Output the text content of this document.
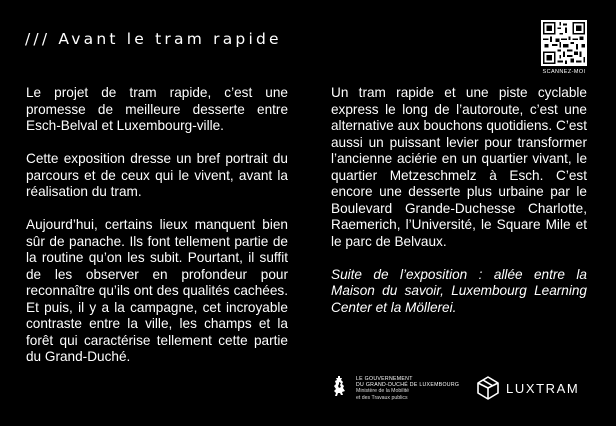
/// Avant le tram rapide
SCANNEZ-MOI

Le projet de tram rapide, c’est une promesse de meilleure desserte entre Esch-Belval et Luxembourg-ville.

Cette exposition dresse un bref portrait du parcours et de ceux qui le vivent, avant la réalisation du tram.

Aujourd’hui, certains lieux manquent bien sûr de panache. Ils font tellement partie de la routine qu’on les subit. Pourtant, il suffit de les observer en profondeur pour reconnaître qu’ils ont des qualités cachées. Et puis, il y a la campagne, cet incroyable contraste entre la ville, les champs et la forêt qui caractérise tellement cette partie du Grand-Duché.

Un tram rapide et une piste cyclable express le long de l’autoroute, c’est une alternative aux bouchons quotidiens. C’est aussi un puissant levier pour transformer l’ancienne aciérie en un quartier vivant, le quartier Metzeschmelz à Esch. C’est encore une desserte plus urbaine par le Boulevard Grande-Duchesse Charlotte, Raemerich, l’Université, le Square Mile et le parc de Belvaux.

Suite de l’exposition : allée entre la Maison du savoir, Luxembourg Learning Center et la Möllerei.

LE GOUVERNEMENT
DU GRAND-DUCHÉ DE LUXEMBOURG
Ministère de la Mobilité
et des Travaux publics
LUXTRAM
